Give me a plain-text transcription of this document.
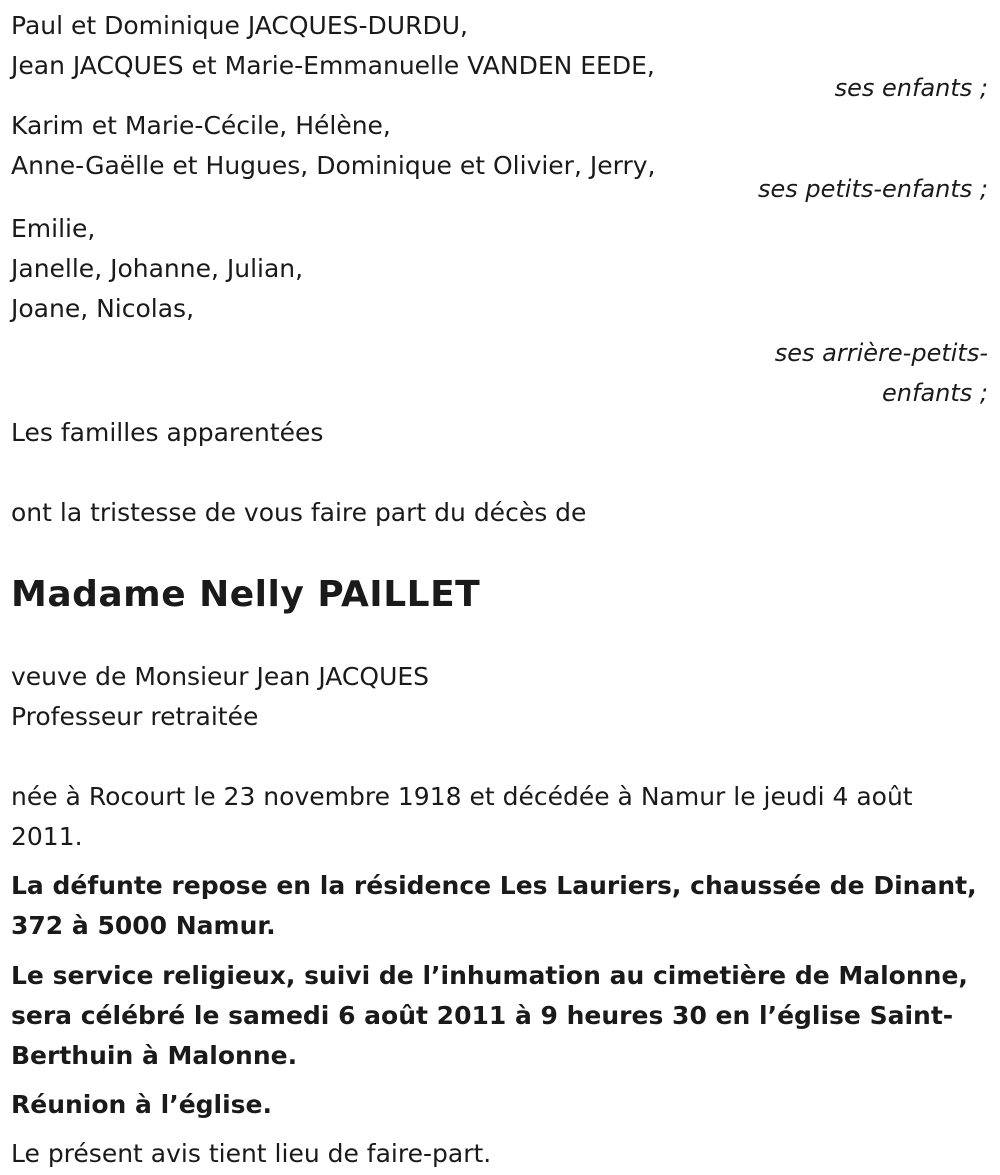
Paul et Dominique JACQUES-DURDU,
Jean JACQUES et Marie-Emmanuelle VANDEN EEDE,
ses enfants ;
Karim et Marie-Cécile, Hélène,
Anne-Gaëlle et Hugues, Dominique et Olivier, Jerry,
ses petits-enfants ;
Emilie,
Janelle, Johanne, Julian,
Joane, Nicolas,
ses arrière-petits-
enfants ;
Les familles apparentées
ont la tristesse de vous faire part du décès de
Madame Nelly PAILLET
veuve de Monsieur Jean JACQUES
Professeur retraitée
née à Rocourt le 23 novembre 1918 et décédée à Namur le jeudi 4 août
2011.
La défunte repose en la résidence Les Lauriers, chaussée de Dinant,
372 à 5000 Namur.
Le service religieux, suivi de l’inhumation au cimetière de Malonne,
sera célébré le samedi 6 août 2011 à 9 heures 30 en l’église Saint-
Berthuin à Malonne.
Réunion à l’église.
Le présent avis tient lieu de faire-part.
